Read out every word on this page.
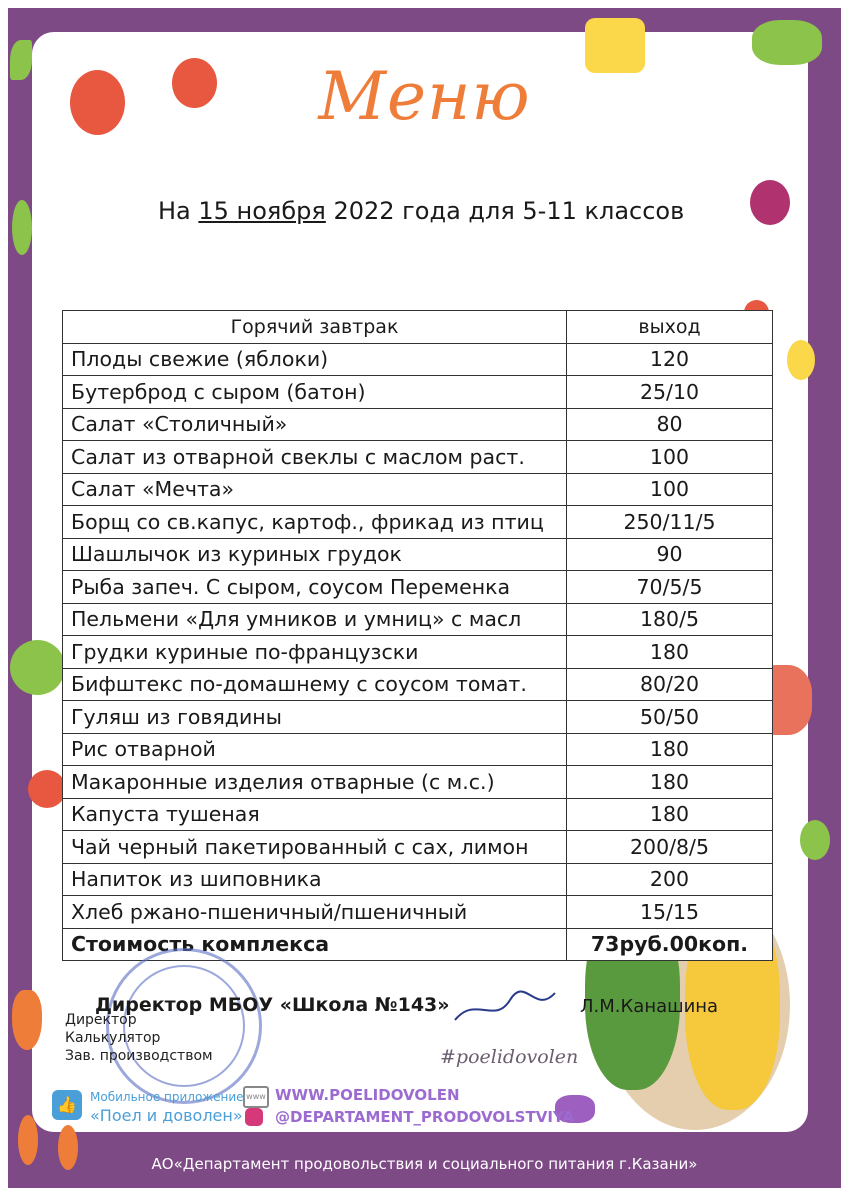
Меню
На 15 ноября 2022 года для 5-11 классов
Горячий завтрак	выход
Плоды свежие (яблоки)	120
Бутерброд с сыром (батон)	25/10
Салат «Столичный»	80
Салат из отварной свеклы с маслом раст.	100
Салат «Мечта»	100
Борщ со св.капус, картоф., фрикад из птиц	250/11/5
Шашлычок из куриных грудок	90
Рыба запеч. С сыром, соусом Переменка	70/5/5
Пельмени «Для умников и умниц» с масл	180/5
Грудки куриные по-французски	180
Бифштекс по-домашнему с соусом томат.	80/20
Гуляш из говядины	50/50
Рис отварной	180
Макаронные изделия отварные (с м.с.)	180
Капуста тушеная	180
Чай черный пакетированный с сах, лимон	200/8/5
Напиток из шиповника	200
Хлеб ржано-пшеничный/пшеничный	15/15
Стоимость комплекса	73руб.00коп.
Директор МБОУ «Школа №143»	Л.М.Канашина
Директор
Калькулятор
Зав. производством	#poelidovolen
👍	Мобильное приложение
«Поел и доволен»
www WWW.POELIDOVOLEN
@DEPARTAMENT_PRODOVOLSTVIYA
АО«Департамент продовольствия и социального питания г.Казани»
